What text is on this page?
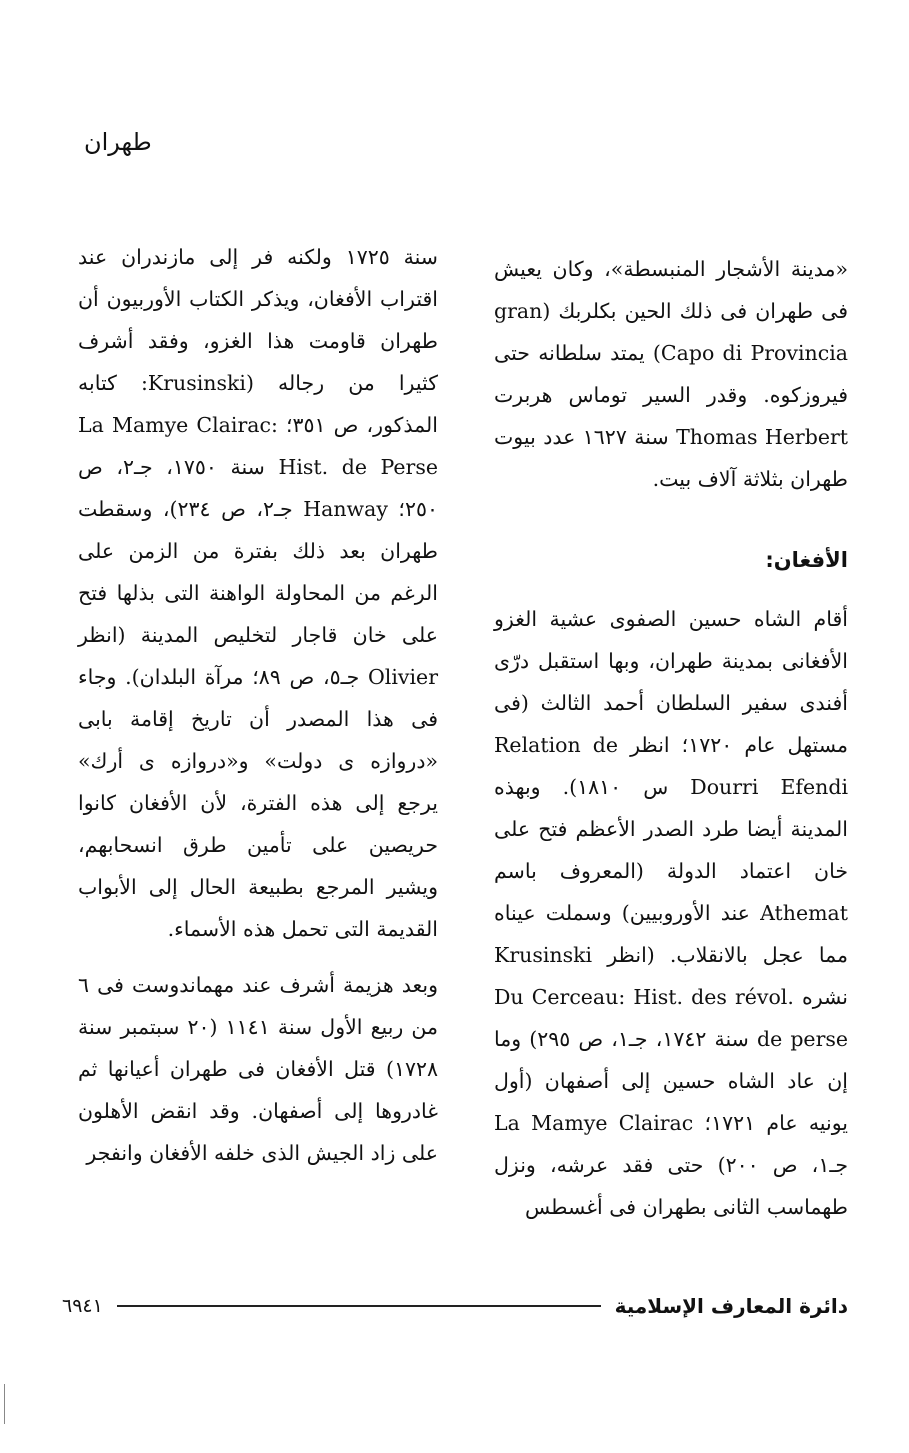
طهران

«مدينة الأشجار المنبسطة»، وكان يعيش فى طهران فى ذلك الحين بكلربك (gran Capo di Provincia) يمتد سلطانه حتى فيروزكوه. وقدر السير توماس هربرت Thomas Herbert سنة ١٦٢٧ عدد بيوت طهران بثلاثة آلاف بيت.

الأفغان:

أقام الشاه حسين الصفوى عشية الغزو الأفغانى بمدينة طهران، وبها استقبل درّى أفندى سفير السلطان أحمد الثالث (فى مستهل عام ١٧٢٠؛ انظر Relation de Dourri Efendi س ١٨١٠). وبهذه المدينة أيضا طرد الصدر الأعظم فتح على خان اعتماد الدولة (المعروف باسم Athemat عند الأوروبيين) وسملت عيناه مما عجل بالانقلاب. (انظر Krusinski نشره Du Cerceau: Hist. des révol. de perse سنة ١٧٤٢، جـ١، ص ٢٩٥) وما إن عاد الشاه حسين إلى أصفهان (أول يونيه عام ١٧٢١؛ La Mamye Clairac جـ١، ص ٢٠٠) حتى فقد عرشه، ونزل طهماسب الثانى بطهران فى أغسطس

سنة ١٧٢٥ ولكنه فر إلى مازندران عند اقتراب الأفغان، ويذكر الكتاب الأوربيون أن طهران قاومت هذا الغزو، وفقد أشرف كثيرا من رجاله (Krusinski: كتابه المذكور، ص ٣٥١؛ La Mamye Clairac: Hist. de Perse سنة ١٧٥٠، جـ٢، ص ٢٥٠؛ Hanway جـ٢، ص ٢٣٤)، وسقطت طهران بعد ذلك بفترة من الزمن على الرغم من المحاولة الواهنة التى بذلها فتح على خان قاجار لتخليص المدينة (انظر Olivier جـ٥، ص ٨٩؛ مرآة البلدان). وجاء فى هذا المصدر أن تاريخ إقامة بابى «دروازه ى دولت» و«دروازه ى أرك» يرجع إلى هذه الفترة، لأن الأفغان كانوا حريصين على تأمين طرق انسحابهم، ويشير المرجع بطبيعة الحال إلى الأبواب القديمة التى تحمل هذه الأسماء.

وبعد هزيمة أشرف عند مهماندوست فى ٦ من ربيع الأول سنة ١١٤١ (٢٠ سبتمبر سنة ١٧٢٨) قتل الأفغان فى طهران أعيانها ثم غادروها إلى أصفهان. وقد انقض الأهلون على زاد الجيش الذى خلفه الأفغان وانفجر

٦٩٤١	دائرة المعارف الإسلامية
